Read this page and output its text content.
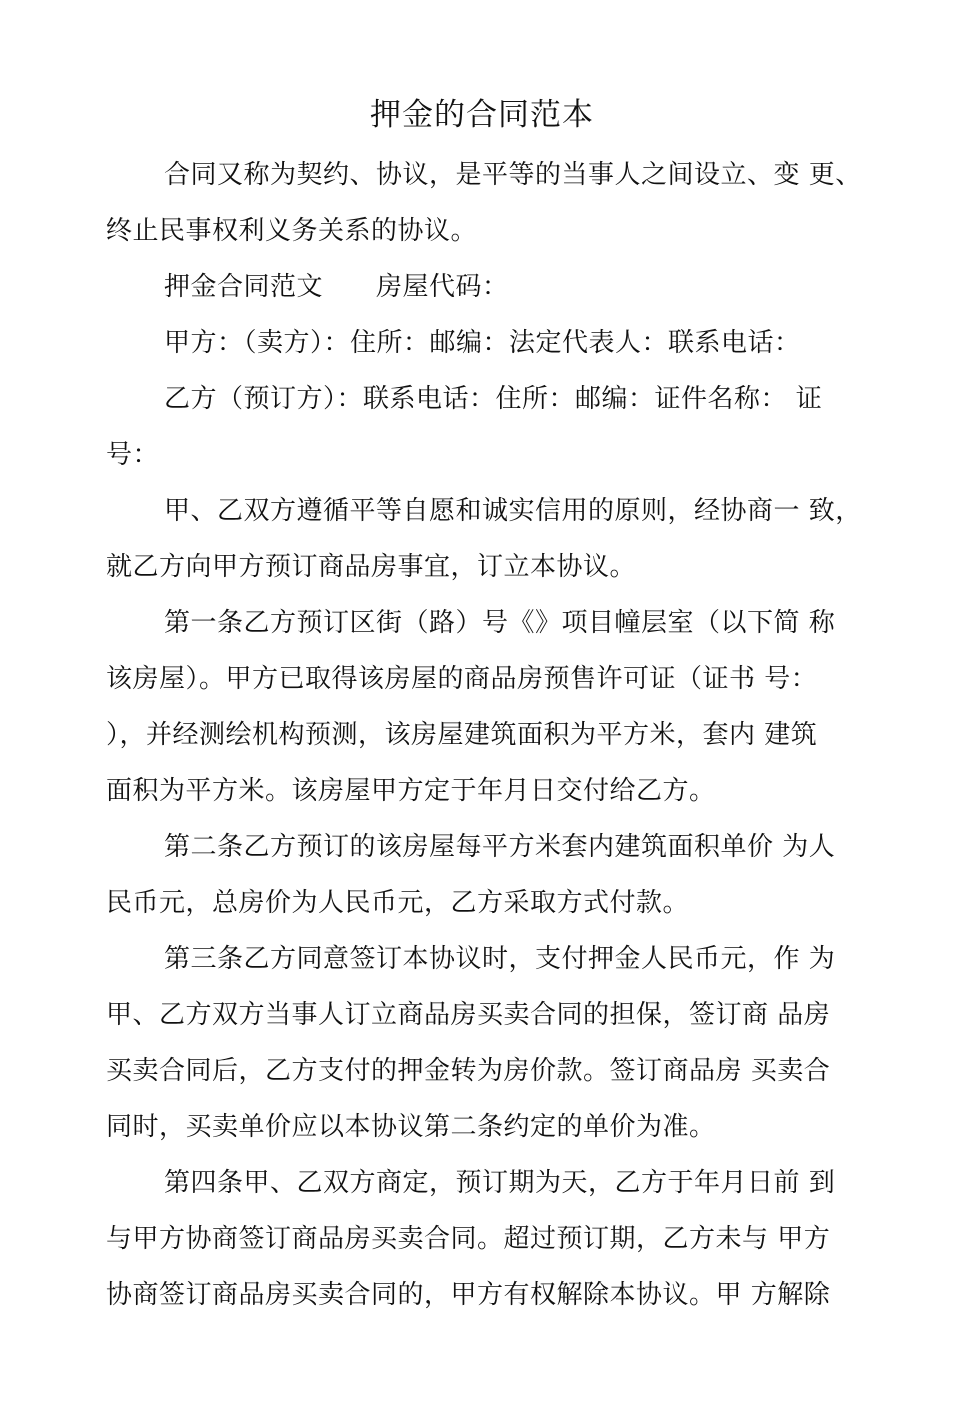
押金的合同范本
合同又称为契约、协议，是平等的当事人之间设立、变 更、
终止民事权利义务关系的协议。
押金合同范文　　房屋代码：
甲方：（卖方）：住所：邮编：法定代表人：联系电话：
乙方（预订方）：联系电话：住所：邮编：证件名称： 证
号：
甲、乙双方遵循平等自愿和诚实信用的原则，经协商一 致，
就乙方向甲方预订商品房事宜，订立本协议。
第一条乙方预订区街（路）号《》项目幢层室（以下简 称
该房屋）。甲方已取得该房屋的商品房预售许可证（证书 号：
），并经测绘机构预测，该房屋建筑面积为平方米，套内 建筑
面积为平方米。该房屋甲方定于年月日交付给乙方。
第二条乙方预订的该房屋每平方米套内建筑面积单价 为人
民币元，总房价为人民币元，乙方采取方式付款。
第三条乙方同意签订本协议时，支付押金人民币元，作 为
甲、乙方双方当事人订立商品房买卖合同的担保，签订商 品房
买卖合同后，乙方支付的押金转为房价款。签订商品房 买卖合
同时，买卖单价应以本协议第二条约定的单价为准。
第四条甲、乙双方商定，预订期为天，乙方于年月日前 到
与甲方协商签订商品房买卖合同。超过预订期，乙方未与 甲方
协商签订商品房买卖合同的，甲方有权解除本协议。甲 方解除
